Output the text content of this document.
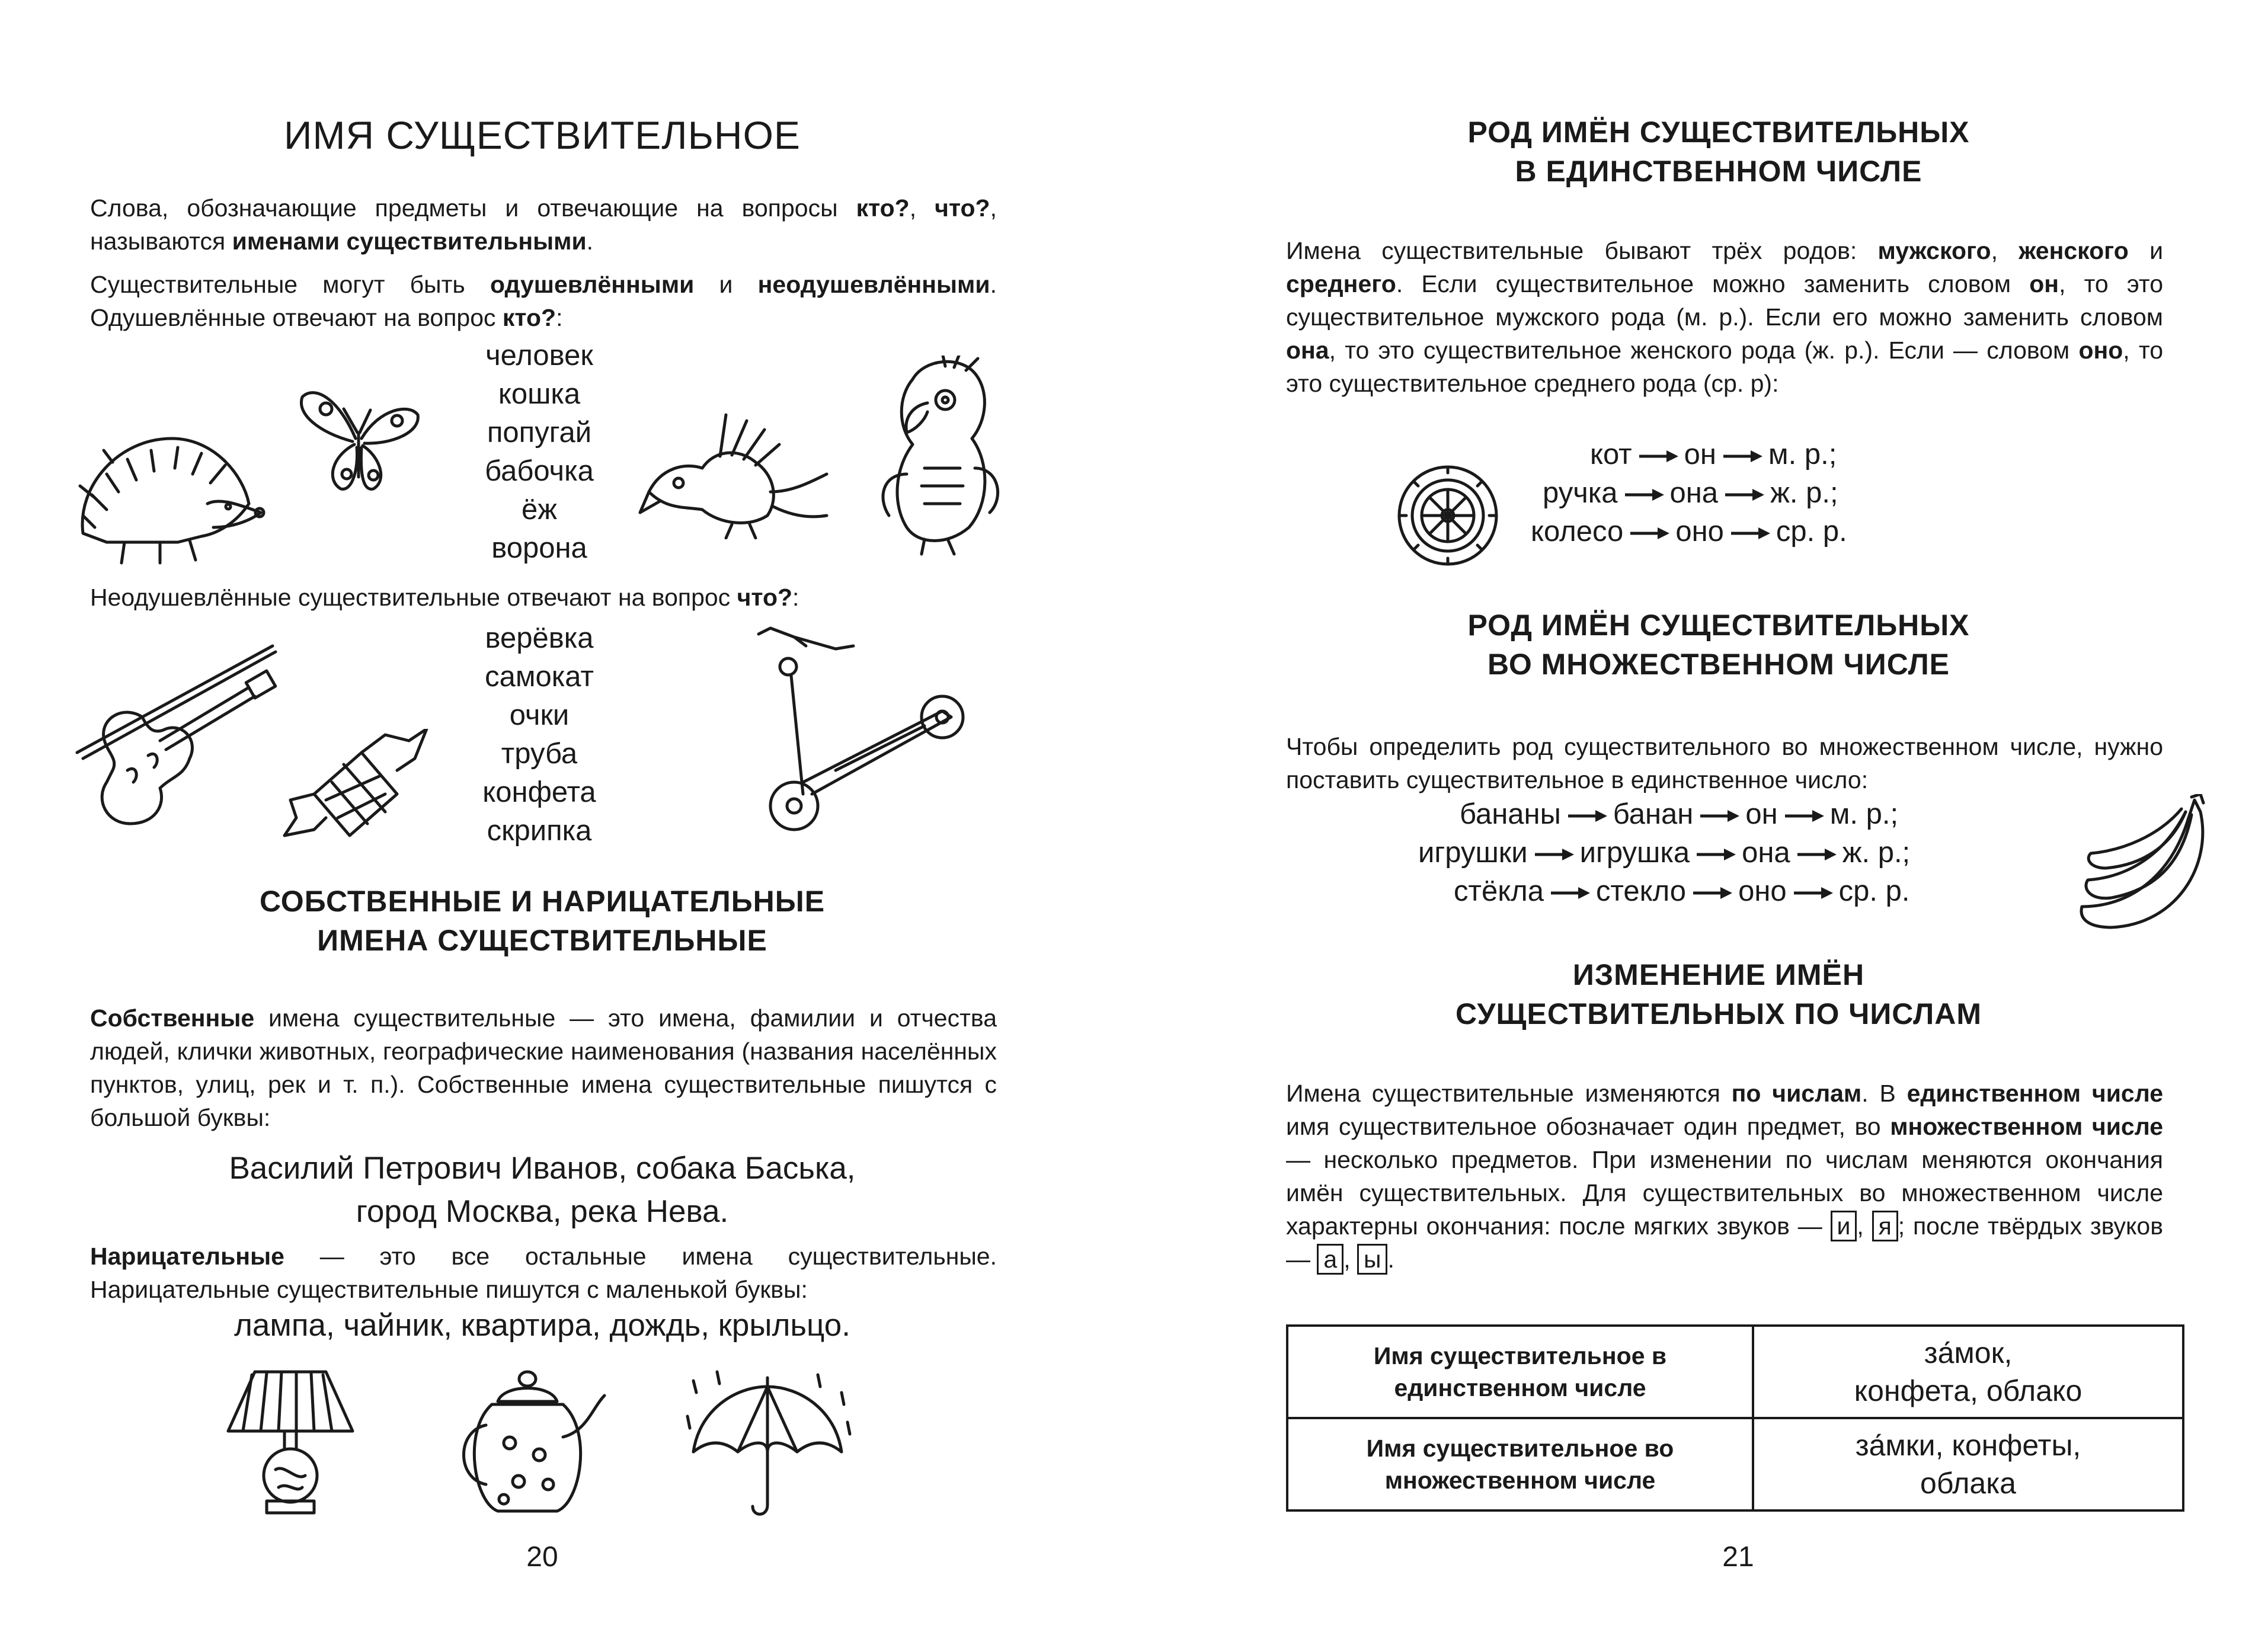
ИМЯ СУЩЕСТВИТЕЛЬНОЕ
Слова, обозначающие предметы и отвечающие на вопросы кто?, что?, называются именами существительными.
Существительные могут быть одушевлёнными и неодушевлёнными. Одушевлённые отвечают на вопрос кто?:
человек
кошка
попугай
бабочка
ёж
ворона
Неодушевлённые существительные отвечают на вопрос что?:
верёвка
самокат
очки
труба
конфета
скрипка
СОБСТВЕННЫЕ И НАРИЦАТЕЛЬНЫЕ
ИМЕНА СУЩЕСТВИТЕЛЬНЫЕ
Собственные имена существительные — это имена, фамилии и отчества людей, клички животных, географические наименования (названия населённых пунктов, улиц, рек и т. п.). Собственные имена существительные пишутся с большой буквы:
Василий Петрович Иванов, собака Баська,
город Москва, река Нева.
Нарицательные — это все остальные имена существительные. Нарицательные существительные пишутся с маленькой буквы:
лампа, чайник, квартира, дождь, крыльцо.
20
РОД ИМЁН СУЩЕСТВИТЕЛЬНЫХ
В ЕДИНСТВЕННОМ ЧИСЛЕ
Имена существительные бывают трёх родов: мужского, женского и среднего. Если существительное можно заменить словом он, то это существительное мужского рода (м. р.). Если его можно заменить словом она, то это существительное женского рода (ж. р.). Если — словом оно, то это существительное среднего рода (ср. р):
кот он м. р.;
ручка она ж. р.;
колесо оно ср. р.
РОД ИМЁН СУЩЕСТВИТЕЛЬНЫХ
ВО МНОЖЕСТВЕННОМ ЧИСЛЕ
Чтобы определить род существительного во множественном числе, нужно поставить существительное в единственное число:
бананы банан он м. р.;
игрушки игрушка она ж. р.;
стёкла стекло оно ср. р.
ИЗМЕНЕНИЕ ИМЁН
СУЩЕСТВИТЕЛЬНЫХ ПО ЧИСЛАМ
Имена существительные изменяются по числам. В единственном числе имя существительное обозначает один предмет, во множественном числе — несколько предметов. При изменении по числам меняются окончания имён существительных. Для существительных во множественном числе характерны окончания: после мягких звуков — и , я ; после твёрдых звуков — а , ы .
Имя существительное в единственном числе	за́мок,
конфета, облако

Имя существительное во множественном числе	за́мки, конфеты,
облака
21
